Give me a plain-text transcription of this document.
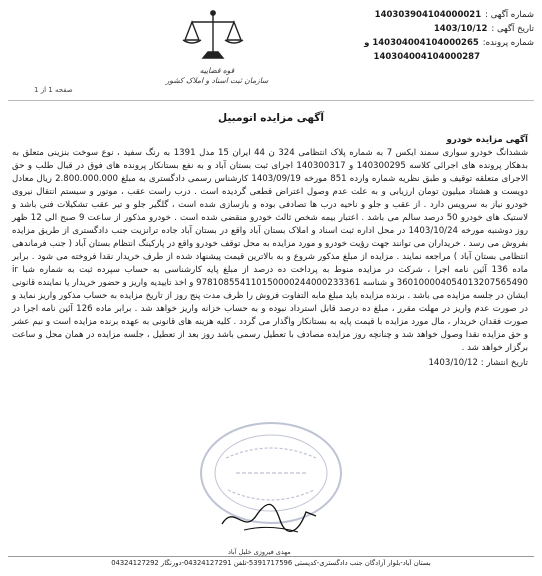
قوه قضاییه
سازمان ثبت اسناد و املاک کشور
شماره آگهی :140303904104000021
تاریخ آگهی :1403/10/12
شماره پرونده:140304004104000265 و
140304004104000287
صفحه 1 از 1
آگهی مزایده اتومبیل

آگهی مزایده خودرو

ششدانگ خودرو سواری سمند ایکس 7 به شماره پلاک انتظامی 324 ن 44 ایران 15 مدل 1391 به رنگ سفید ، نوع سوخت بنزینی متعلق به بدهکار پرونده های اجرائی کلاسه 140300295 و 140300317 اجرای ثبت بستان آباد و به نفع بستانکار پرونده های فوق در قبال طلب و حق الاجرای متعلقه توقیف و طبق نظریه شماره وارده 851 مورخه 1403/09/19 کارشناس رسمی دادگستری به مبلغ 2.800.000.000 ریال معادل دویست و هشتاد میلیون تومان ارزیابی و به علت عدم وصول اعتراض قطعی گردیده است . درب راست عقب ، موتور و سیستم انتقال نیروی خودرو نیاز به سرویس دارد . از عقب و جلو و ناحیه درب ها تصادفی بوده و بازسازی شده است ، گلگیر جلو و تیر عقب تشکیلات فنی باشد و لاستیک های خودرو 50 درصد سالم می باشد . اعتبار بیمه شخص ثالث خودرو منقضی شده است . خودرو مذکور از ساعت 9 صبح الی 12 ظهر روز دوشنبه مورخه 1403/10/24 در محل اداره ثبت اسناد و املاک بستان آباد واقع در بستان آباد جاده ترانزیت جنب دادگستری از طریق مزایده بفروش می رسد . خریداران می توانند جهت رؤیت خودرو و مورد مزایده به محل توقف خودرو واقع در پارکینگ انتظام بستان آباد ( جنب فرماندهی انتظامی بستان آباد ) مراجعه نمایند . مزایده از مبلغ مذکور شروع و به بالاترین قیمت پیشنهاد شده از طرف خریدار نقدا فروخته می شود . برابر ماده 136 آئین نامه اجرا ، شرکت در مزایده منوط به پرداخت ده درصد از مبلغ پایه کارشناسی به حساب سپرده ثبت به شماره شبا ir 360100004054013207565490 و شناسه 978108554110150000244000233361 و اخذ تاییدیه واریز و حضور خریدار یا نماینده قانونی ایشان در جلسه مزایده می باشد . برنده مزایده باید مبلغ مابه التفاوت فروش را ظرف مدت پنج روز از تاریخ مزایده به حساب مذکور واریز نماید و در صورت عدم واریز در مهلت مقرر ، مبلغ ده درصد قابل استرداد نبوده و به حساب خزانه واریز خواهد شد . برابر ماده 126 آئین نامه اجرا در صورت فقدان خریدار ، مال مورد مزایده با قیمت پایه به بستانکار واگذار می گردد . کلیه هزینه های قانونی به عهده برنده مزایده است و نیم عشر و حق مزایده نقدا وصول خواهد شد و چنانچه روز مزایده مصادف با تعطیل رسمی باشد روز بعد از تعطیل ، جلسه مزایده در همان محل و ساعت برگزار خواهد شد .

تاریخ انتشار : 1403/10/12

مهدی فیروزی خلیل آباد
بستان آباد-بلوار آزادگان جنب دادگستری-کدپستی 5391717596-تلفن 04324127291-دورنگار 04324127292
